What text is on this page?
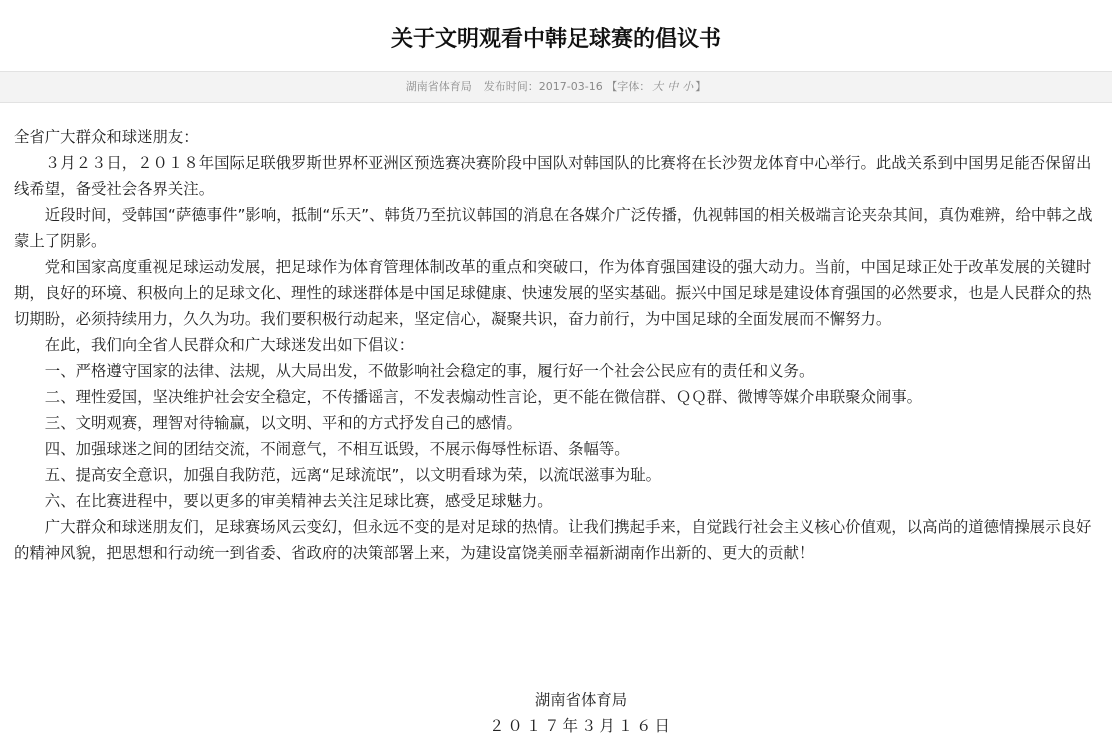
关于文明观看中韩足球赛的倡议书
湖南省体育局 发布时间：2017-03-16 【字体： 大 中 小 】

全省广大群众和球迷朋友：

３月２３日，２０１８年国际足联俄罗斯世界杯亚洲区预选赛决赛阶段中国队对韩国队的比赛将在长沙贺龙体育中心举行。此战关系到中国男足能否保留出线希望，备受社会各界关注。

近段时间，受韩国“萨德事件”影响，抵制“乐天”、韩货乃至抗议韩国的消息在各媒介广泛传播，仇视韩国的相关极端言论夹杂其间，真伪难辨，给中韩之战蒙上了阴影。

党和国家高度重视足球运动发展，把足球作为体育管理体制改革的重点和突破口，作为体育强国建设的强大动力。当前，中国足球正处于改革发展的关键时期，良好的环境、积极向上的足球文化、理性的球迷群体是中国足球健康、快速发展的坚实基础。振兴中国足球是建设体育强国的必然要求，也是人民群众的热切期盼，必须持续用力，久久为功。我们要积极行动起来，坚定信心，凝聚共识，奋力前行，为中国足球的全面发展而不懈努力。

在此，我们向全省人民群众和广大球迷发出如下倡议：

一、严格遵守国家的法律、法规，从大局出发，不做影响社会稳定的事，履行好一个社会公民应有的责任和义务。

二、理性爱国，坚决维护社会安全稳定，不传播谣言，不发表煽动性言论，更不能在微信群、ＱＱ群、微博等媒介串联聚众闹事。

三、文明观赛，理智对待输赢，以文明、平和的方式抒发自己的感情。

四、加强球迷之间的团结交流，不闹意气，不相互诋毁，不展示侮辱性标语、条幅等。

五、提高安全意识，加强自我防范，远离“足球流氓”，以文明看球为荣，以流氓滋事为耻。

六、在比赛进程中，要以更多的审美精神去关注足球比赛，感受足球魅力。

广大群众和球迷朋友们，足球赛场风云变幻，但永远不变的是对足球的热情。让我们携起手来，自觉践行社会主义核心价值观，以高尚的道德情操展示良好的精神风貌，把思想和行动统一到省委、省政府的决策部署上来，为建设富饶美丽幸福新湖南作出新的、更大的贡献！

湖南省体育局
２０１７年３月１６日
